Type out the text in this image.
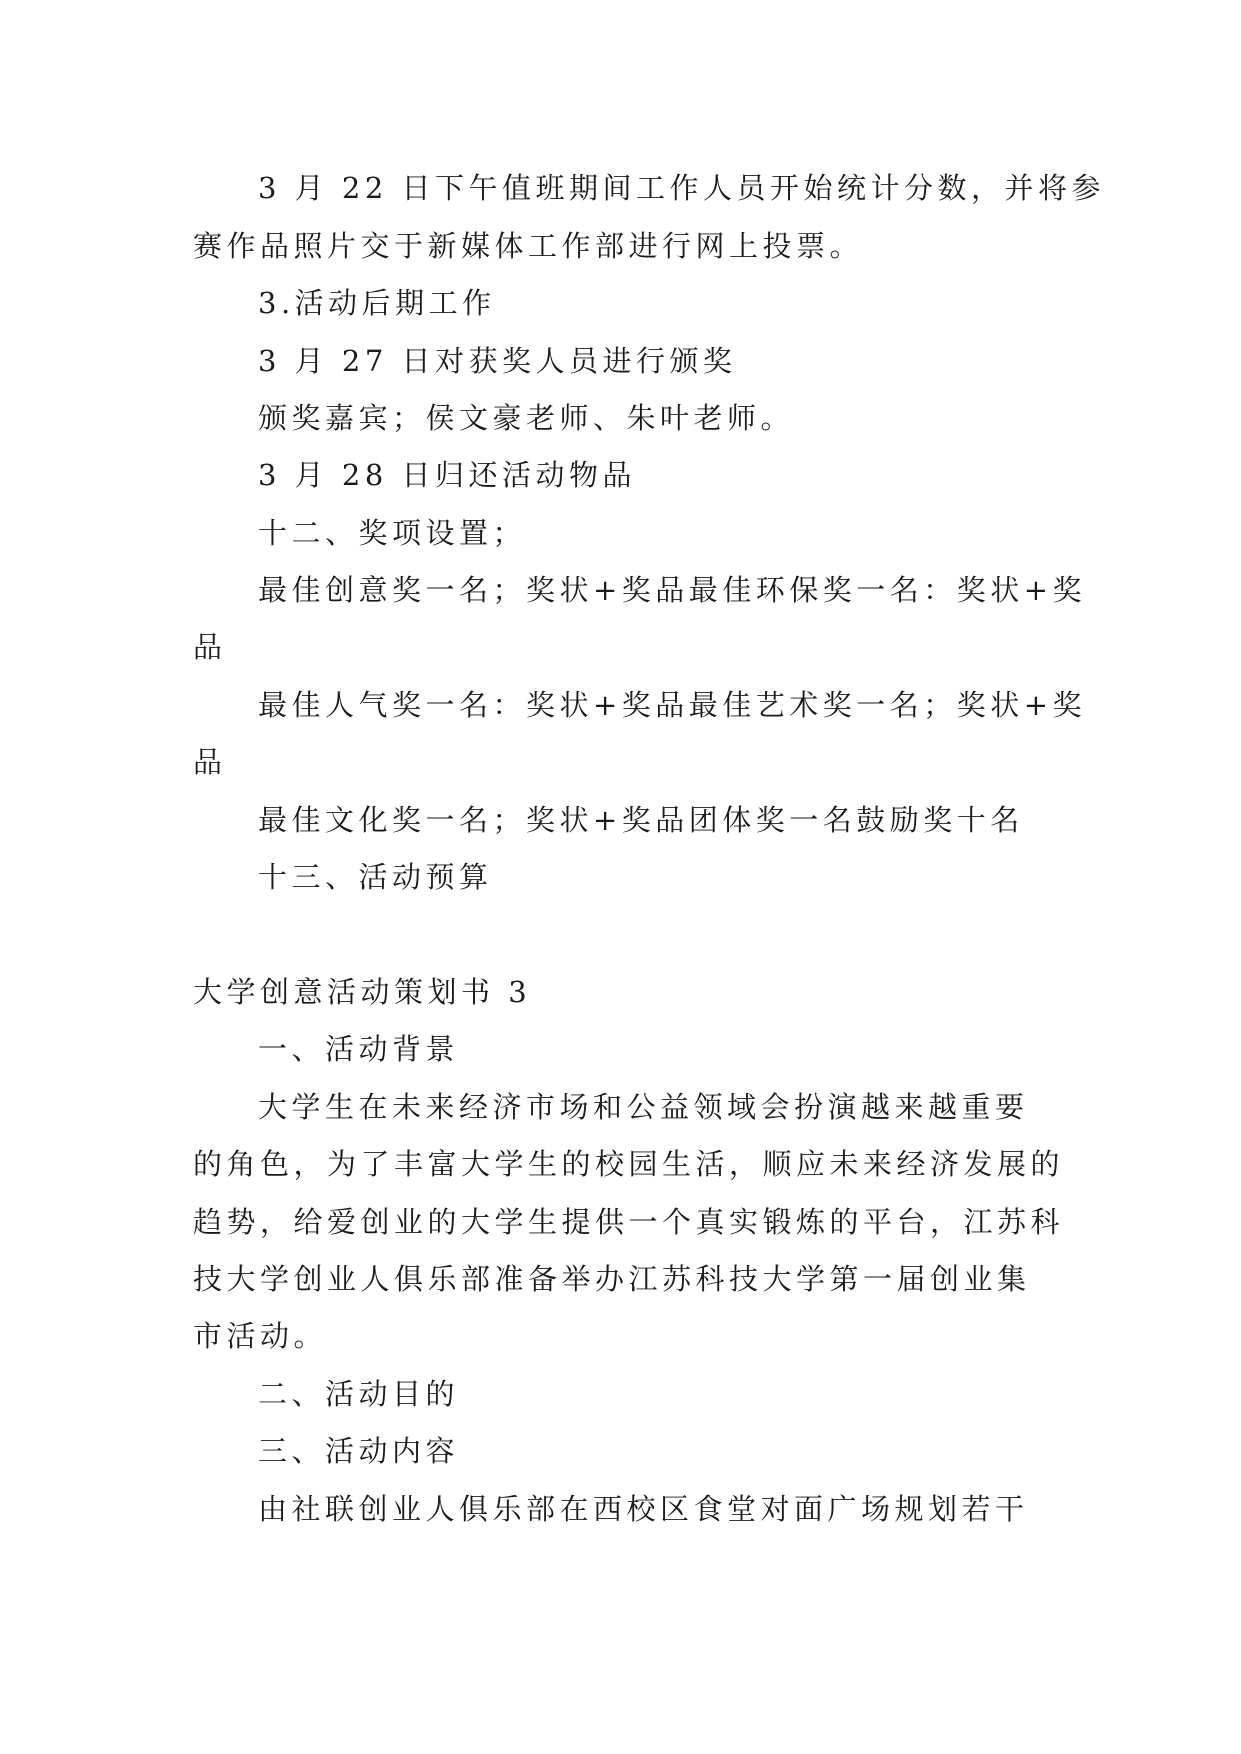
3 月 22 日下午值班期间工作人员开始统计分数，并将参
赛作品照片交于新媒体工作部进行网上投票。
3.活动后期工作
3 月 27 日对获奖人员进行颁奖
颁奖嘉宾；侯文豪老师、朱叶老师。
3 月 28 日归还活动物品
十二、奖项设置；
最佳创意奖一名；奖状+奖品最佳环保奖一名：奖状+奖
品
最佳人气奖一名：奖状+奖品最佳艺术奖一名；奖状+奖
品
最佳文化奖一名；奖状+奖品团体奖一名鼓励奖十名
十三、活动预算
大学创意活动策划书 3
一、活动背景
大学生在未来经济市场和公益领域会扮演越来越重要
的角色，为了丰富大学生的校园生活，顺应未来经济发展的
趋势，给爱创业的大学生提供一个真实锻炼的平台，江苏科
技大学创业人俱乐部准备举办江苏科技大学第一届创业集
市活动。
二、活动目的
三、活动内容
由社联创业人俱乐部在西校区食堂对面广场规划若干
